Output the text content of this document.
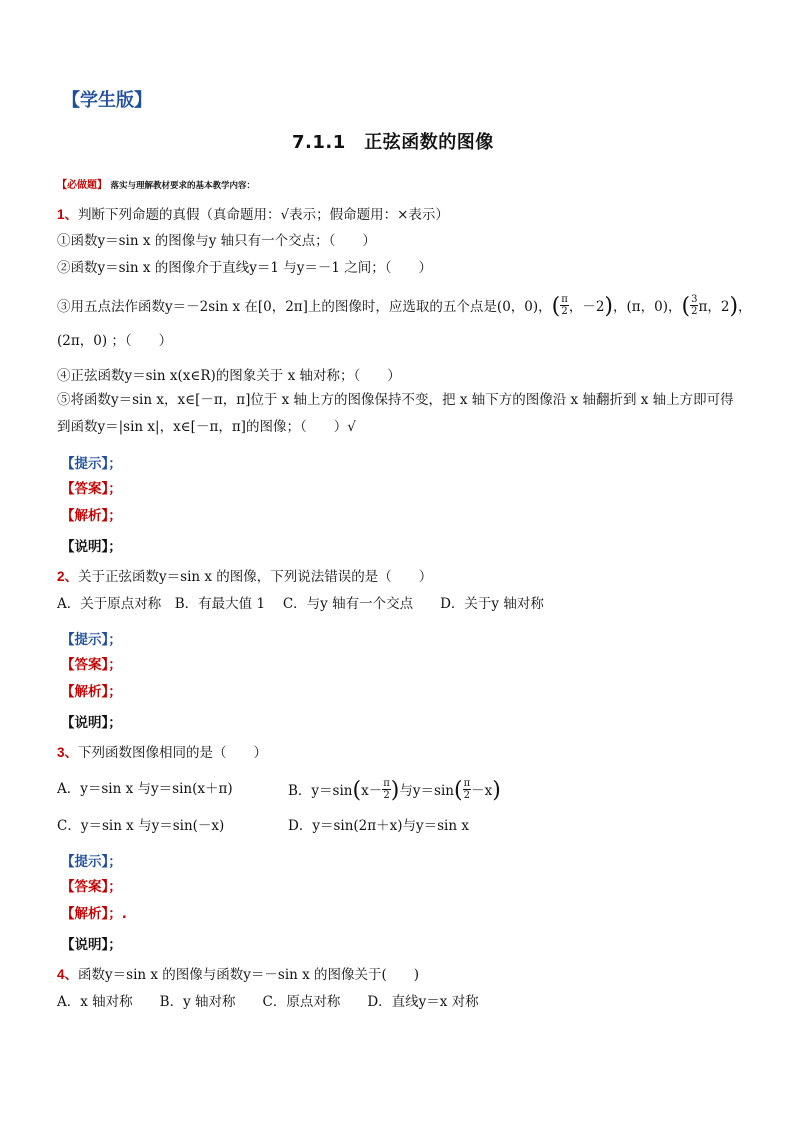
【学生版】
7.1.1　正弦函数的图像
【必做题】 落实与理解教材要求的基本教学内容：
1、判断下列命题的真假（真命题用：√表示；假命题用：×表示）
①函数y＝sin x 的图像与y 轴只有一个交点；（　　）
②函数y＝sin x 的图像介于直线y＝1 与y＝－1 之间；（　　）
③用五点法作函数y＝－2sin x 在[0，2π]上的图像时，应选取的五个点是(0，0)，( $\frac{\pi}{2}$ ，－2)，(π，0)，( $\frac{3}{2}$ π，2)，
(2π，0) ；（　　）
④正弦函数y＝sin x(x∈R)的图象关于 x 轴对称；（　　）
⑤将函数y＝sin x，x∈[－π，π]位于 x 轴上方的图像保持不变，把 x 轴下方的图像沿 x 轴翻折到 x 轴上方即可得
到函数y＝|sin x|，x∈[－π，π]的图像；（　　）√
【提示】；
【答案】；
【解析】；
【说明】；
2、关于正弦函数y＝sin x 的图像，下列说法错误的是（　　）
A．关于原点对称　B．有最大值 1　 C．与y 轴有一个交点　　D．关于y 轴对称
【提示】；
【答案】；
【解析】；
【说明】；
3、下列函数图像相同的是（　　）
A．y＝sin x 与y＝sin(x＋π)	B．$y=\sin(x- \frac{\pi}{2}$ )与$y=\sin( \frac{\pi}{2} -x)$
C．y＝sin x 与y＝sin(－x)	D．y＝sin(2π＋x)与y＝sin x
【提示】；
【答案】；
【解析】；.
【说明】；
4、函数y＝sin x 的图像与函数y＝－sin x 的图像关于(　　)
A．x 轴对称　　B．y 轴对称　　C．原点对称　　D．直线y＝x 对称
